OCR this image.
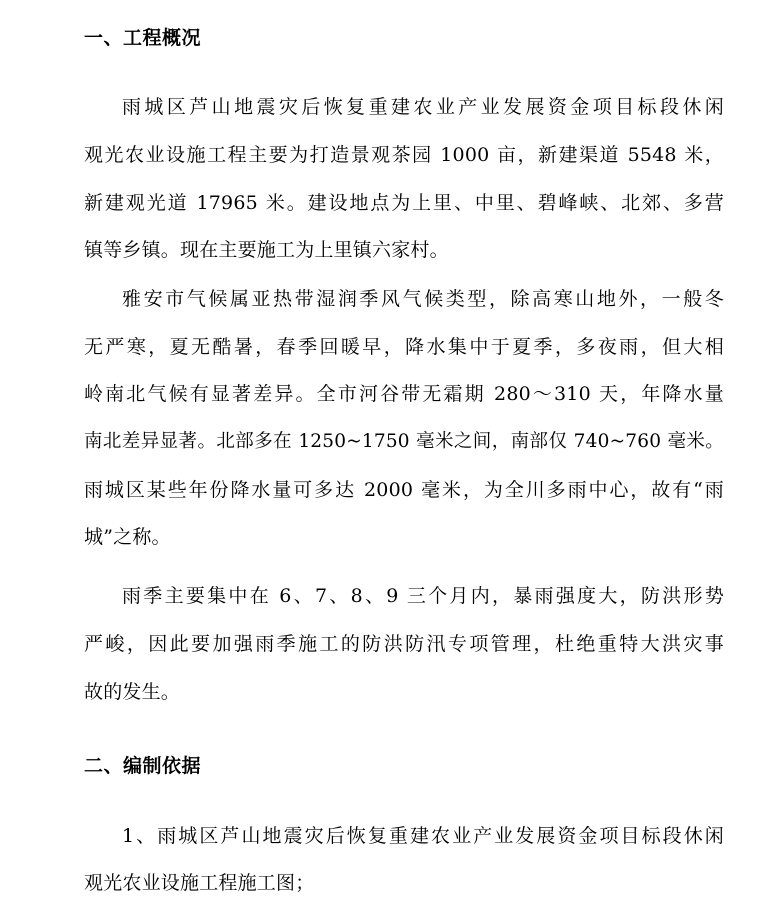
一、工程概况
雨城区芦山地震灾后恢复重建农业产业发展资金项目标段休闲
观光农业设施工程主要为打造景观茶园 1000 亩，新建渠道 5548 米，
新建观光道 17965 米。建设地点为上里、中里、碧峰峡、北郊、多营
镇等乡镇。现在主要施工为上里镇六家村。
雅安市气候属亚热带湿润季风气候类型，除高寒山地外，一般冬
无严寒，夏无酷暑，春季回暖早，降水集中于夏季，多夜雨，但大相
岭南北气候有显著差异。全市河谷带无霜期 280～310 天，年降水量
南北差异显著。北部多在 1250~1750 毫米之间，南部仅 740~760 毫米。
雨城区某些年份降水量可多达 2000 毫米，为全川多雨中心，故有“雨
城”之称。
雨季主要集中在 6、7、8、9 三个月内，暴雨强度大，防洪形势
严峻，因此要加强雨季施工的防洪防汛专项管理，杜绝重特大洪灾事
故的发生。
二、编制依据
1、雨城区芦山地震灾后恢复重建农业产业发展资金项目标段休闲
观光农业设施工程施工图；
